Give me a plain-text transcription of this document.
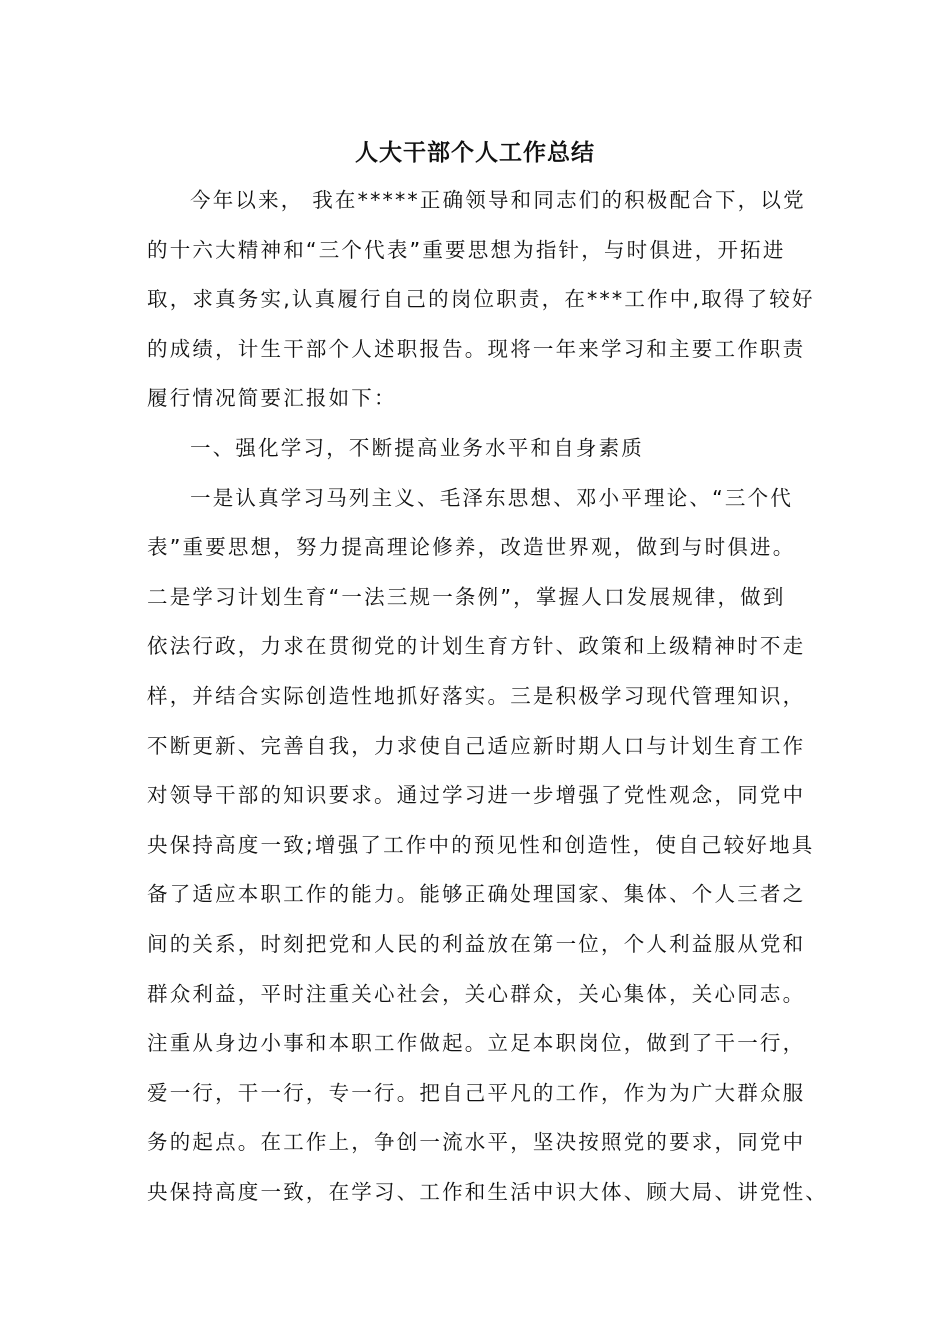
人大干部个人工作总结
今年以来， 我在*****正确领导和同志们的积极配合下，以党
的十六大精神和“三个代表”重要思想为指针，与时俱进，开拓进
取，求真务实,认真履行自己的岗位职责，在***工作中,取得了较好
的成绩，计生干部个人述职报告。现将一年来学习和主要工作职责
履行情况简要汇报如下：
一、强化学习，不断提高业务水平和自身素质
一是认真学习马列主义、毛泽东思想、邓小平理论、“三个代
表”重要思想，努力提高理论修养，改造世界观，做到与时俱进。
二是学习计划生育“一法三规一条例”，掌握人口发展规律，做到
依法行政，力求在贯彻党的计划生育方针、政策和上级精神时不走
样，并结合实际创造性地抓好落实。三是积极学习现代管理知识，
不断更新、完善自我，力求使自己适应新时期人口与计划生育工作
对领导干部的知识要求。通过学习进一步增强了党性观念，同党中
央保持高度一致;增强了工作中的预见性和创造性，使自己较好地具
备了适应本职工作的能力。能够正确处理国家、集体、个人三者之
间的关系，时刻把党和人民的利益放在第一位，个人利益服从党和
群众利益，平时注重关心社会，关心群众，关心集体，关心同志。
注重从身边小事和本职工作做起。立足本职岗位，做到了干一行，
爱一行，干一行，专一行。把自己平凡的工作，作为为广大群众服
务的起点。在工作上，争创一流水平，坚决按照党的要求，同党中
央保持高度一致，在学习、工作和生活中识大体、顾大局、讲党性、
